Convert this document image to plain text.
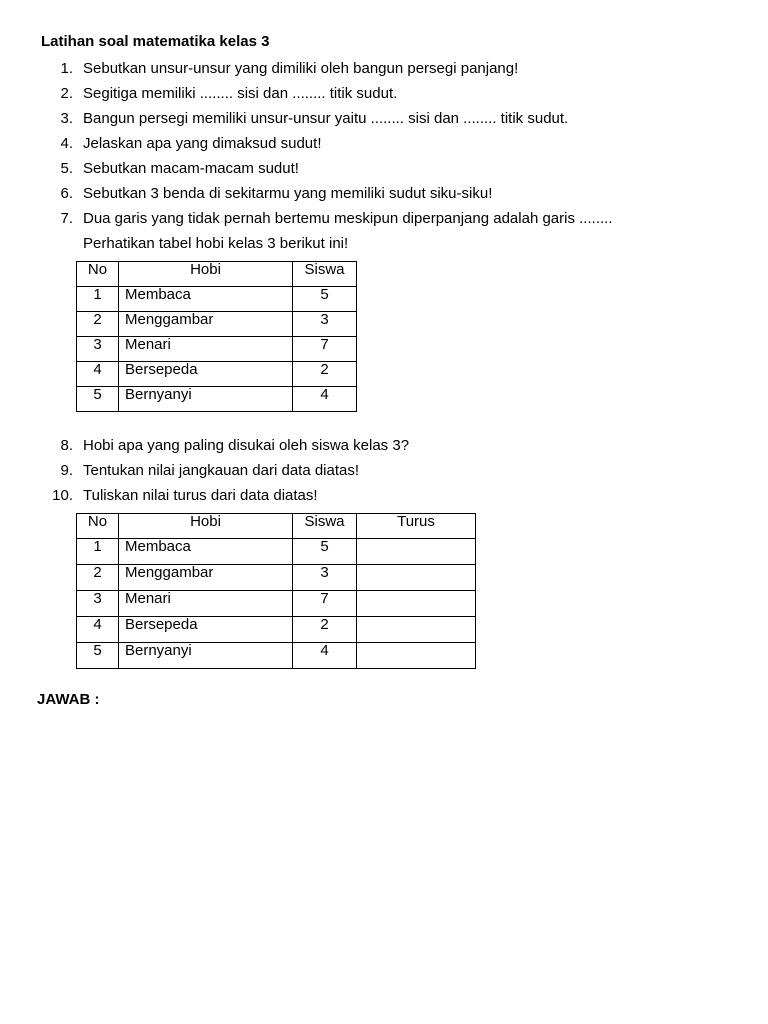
Latihan soal matematika kelas 3
1. Sebutkan unsur-unsur yang dimiliki oleh bangun persegi panjang!
2. Segitiga memiliki ........ sisi dan ........ titik sudut.
3. Bangun persegi memiliki unsur-unsur yaitu ........ sisi dan ........ titik sudut.
4. Jelaskan apa yang dimaksud sudut!
5. Sebutkan macam-macam sudut!
6. Sebutkan 3 benda di sekitarmu yang memiliki sudut siku-siku!
7. Dua garis yang tidak pernah bertemu meskipun diperpanjang adalah garis ........
Perhatikan tabel hobi kelas 3 berikut ini!
No	Hobi	Siswa
1	Membaca	5
2	Menggambar	3
3	Menari	7
4	Bersepeda	2
5	Bernyanyi	4
8. Hobi apa yang paling disukai oleh siswa kelas 3?
9. Tentukan nilai jangkauan dari data diatas!
10. Tuliskan nilai turus dari data diatas!
No	Hobi	Siswa	Turus
1	Membaca	5	
2	Menggambar	3	
3	Menari	7	
4	Bersepeda	2	
5	Bernyanyi	4	
JAWAB :
